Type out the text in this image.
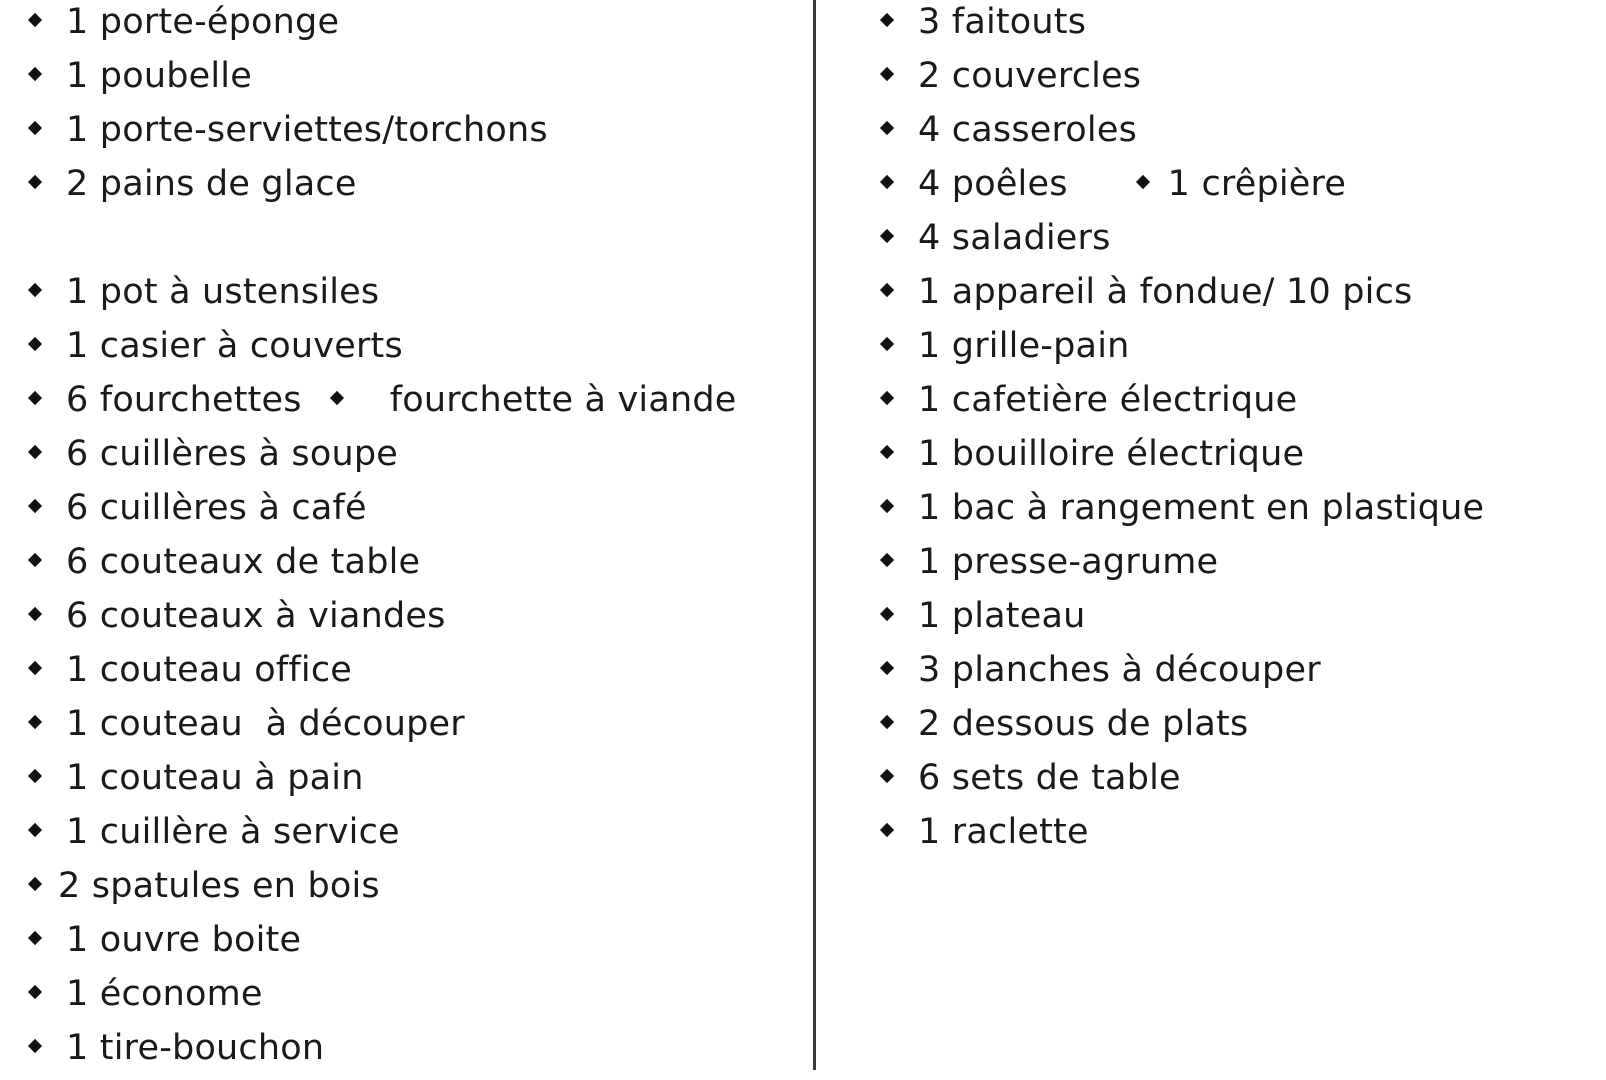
1 porte-éponge
1 poubelle
1 porte-serviettes/torchons
2 pains de glace
1 pot à ustensiles
1 casier à couverts
6 fourchettes	fourchette à viande
6 cuillères à soupe
6 cuillères à café
6 couteaux de table
6 couteaux à viandes
1 couteau office
1 couteau  à découper
1 couteau à pain
1 cuillère à service
2 spatules en bois
1 ouvre boite
1 économe
1 tire-bouchon
3 faitouts
2 couvercles
4 casseroles
4 poêles	1 crêpière
4 saladiers
1 appareil à fondue/ 10 pics
1 grille-pain
1 cafetière électrique
1 bouilloire électrique
1 bac à rangement en plastique
1 presse-agrume
1 plateau
3 planches à découper
2 dessous de plats
6 sets de table
1 raclette
